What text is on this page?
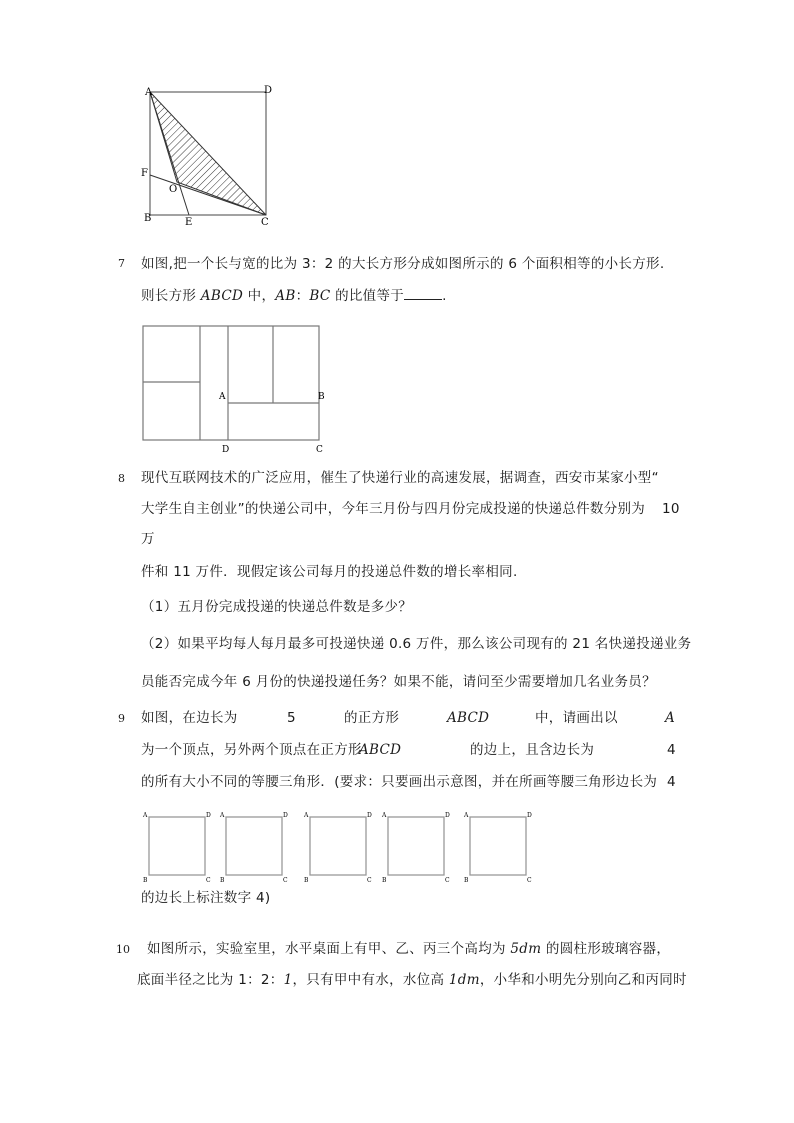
A	D
F
O
B	E	C
7 如图,把一个长与宽的比为 3：2 的大长方形分成如图所示的 6 个面积相等的小长方形.
则长方形 ABCD 中，AB：BC 的比值等于	.
A	B
D	C
8 现代互联网技术的广泛应用，催生了快递行业的高速发展，据调查，西安市某家小型“
大学生自主创业”的快递公司中，今年三月份与四月份完成投递的快递总件数分别为 10
万
件和 11 万件．现假定该公司每月的投递总件数的增长率相同.
（1）五月份完成投递的快递总件数是多少？
（2）如果平均每人每月最多可投递快递 0.6 万件，那么该公司现有的 21 名快递投递业务
员能否完成今年 6 月份的快递投递任务？如果不能，请问至少需要增加几名业务员？
9 如图，在边长为	5	的正方形	ABCD	中，请画出以	A
为一个顶点，另外两个顶点在正方形
ABCD	的边上，且含边长为	4
的所有大小不同的等腰三角形．(要求：只要画出示意图，并在所画等腰三角形边长为 4
A	D
B	C
A	D
B	C
A	D
B	C
A	D
B	C
A	D
B	C
的边长上标注数字 4)
10 如图所示，实验室里，水平桌面上有甲、乙、丙三个高均为 5dm 的圆柱形玻璃容器，
底面半径之比为 1：2：1，只有甲中有水，水位高 1dm，小华和小明先分别向乙和丙同时
